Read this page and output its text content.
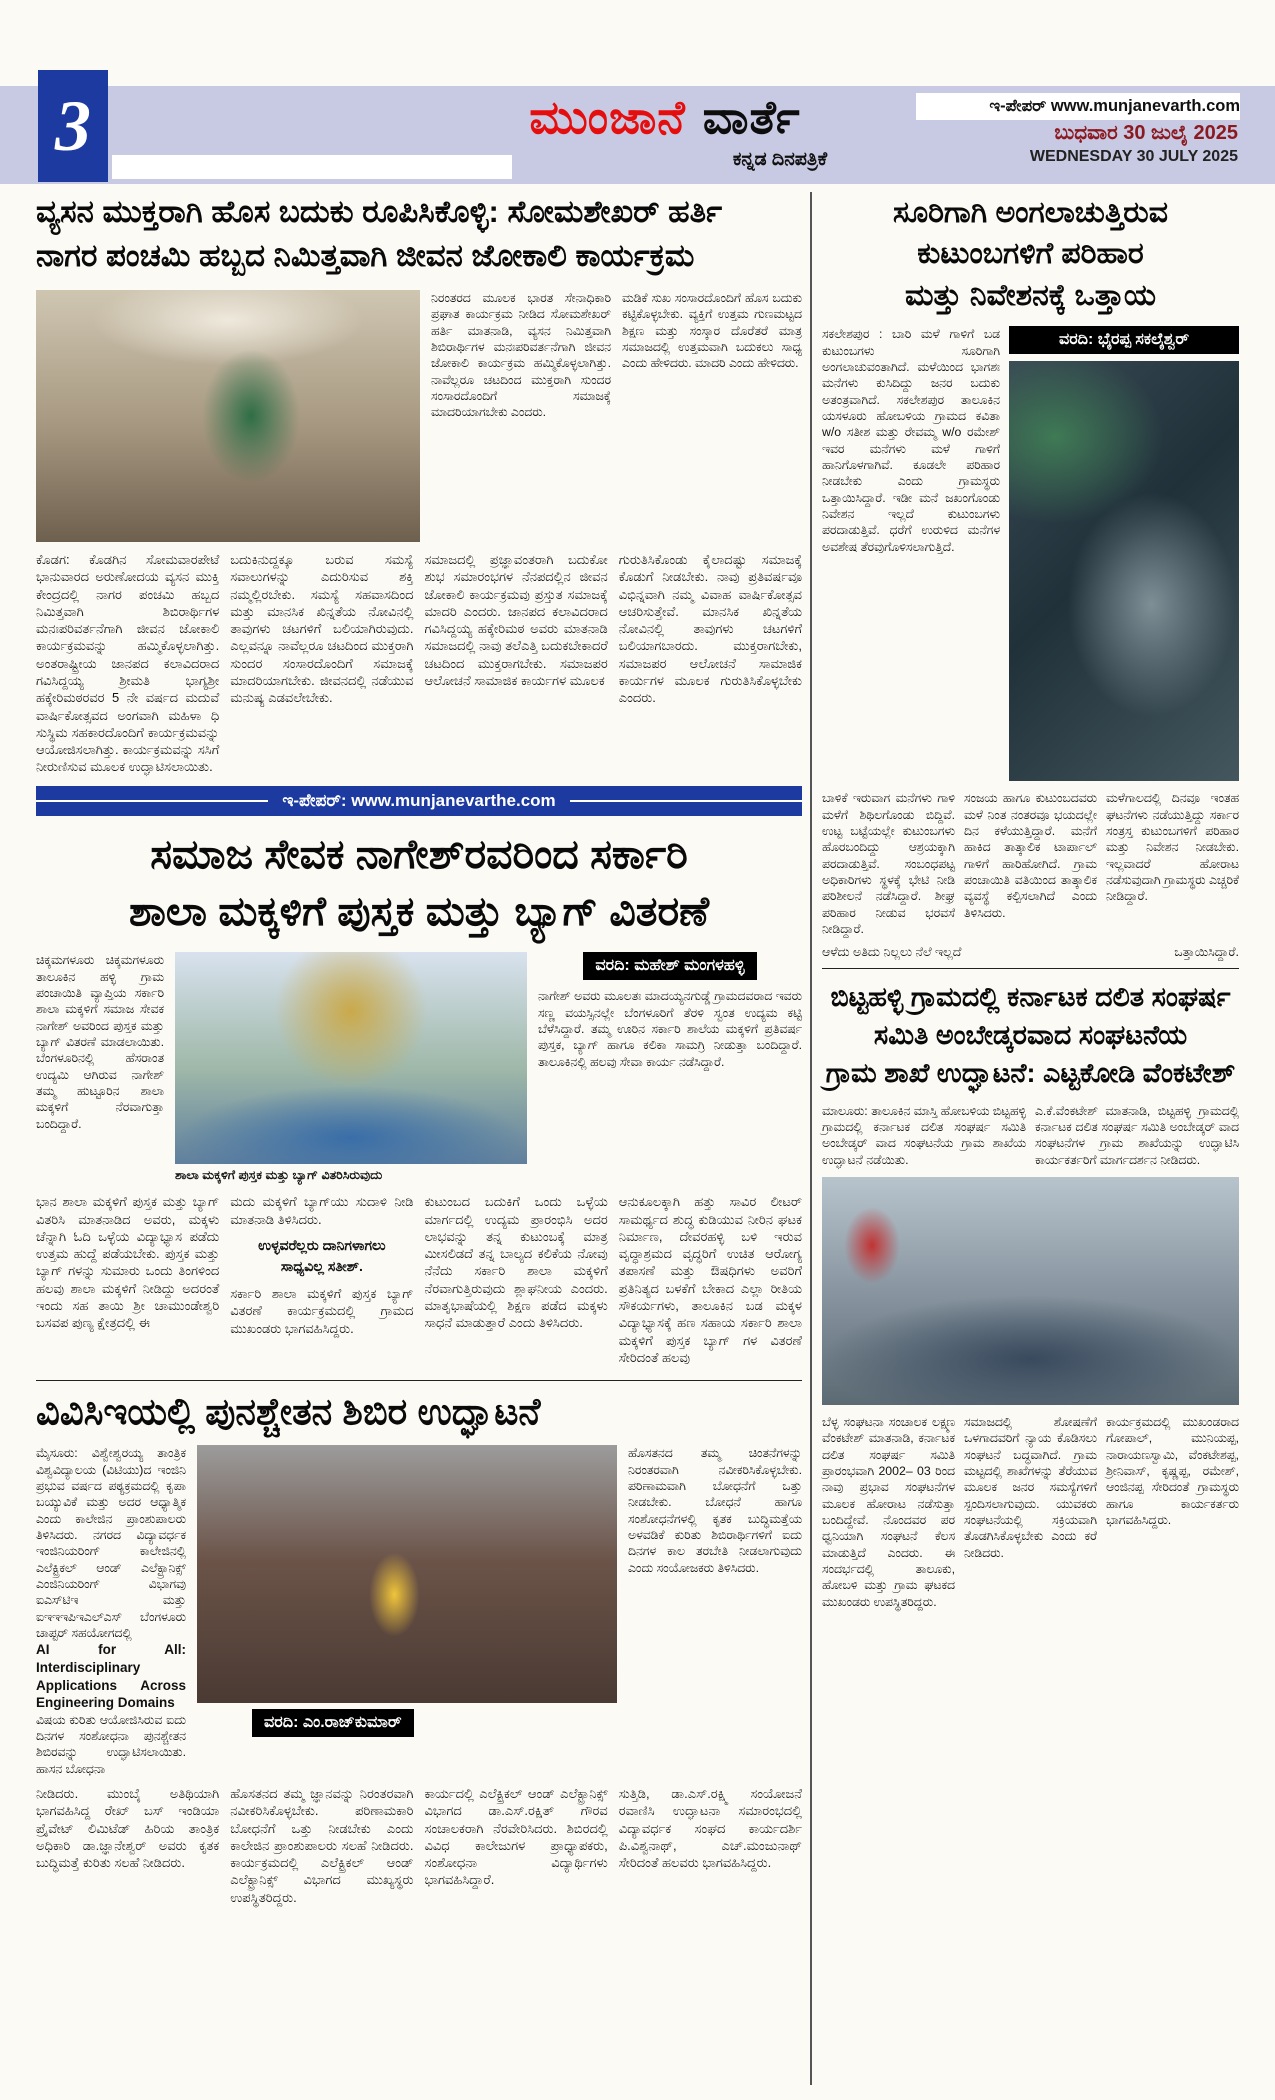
3	ಮುಂಜಾನೆ ವಾರ್ತೆ
ಕನ್ನಡ ದಿನಪತ್ರಿಕೆ
ಇ-ಪೇಪರ್ www.munjanevarth.com
ಬುಧವಾರ 30 ಜುಲೈ 2025
WEDNESDAY 30 JULY 2025
ವ್ಯಸನ ಮುಕ್ತರಾಗಿ ಹೊಸ ಬದುಕು ರೂಪಿಸಿಕೊಳ್ಳಿ: ಸೋಮಶೇಖರ್ ಹರ್ತಿ
ನಾಗರ ಪಂಚಮಿ ಹಬ್ಬದ ನಿಮಿತ್ತವಾಗಿ ಜೀವನ ಜೋಕಾಲಿ ಕಾರ್ಯಕ್ರಮ
ನಿರಂತರದ ಮೂಲಕ ಭಾರತ ಸೇನಾಧಿಕಾರಿ ಪ್ರಘಾತ ಕಾರ್ಯಕ್ರಮ ನೀಡಿದ ಸೋಮಶೇಖರ್ ಹರ್ತಿ ಮಾತನಾಡಿ, ವ್ಯಸನ ನಿಮಿತ್ತವಾಗಿ ಶಿಬಿರಾರ್ಥಿಗಳ ಮನಃಪರಿವರ್ತನೆಗಾಗಿ ಜೀವನ ಜೋಕಾಲಿ ಕಾರ್ಯಕ್ರಮ ಹಮ್ಮಿಕೊಳ್ಳಲಾಗಿತ್ತು. ನಾವೆಲ್ಲರೂ ಚಟದಿಂದ ಮುಕ್ತರಾಗಿ ಸುಂದರ ಸಂಸಾರದೊಂದಿಗೆ ಸಮಾಜಕ್ಕೆ ಮಾದರಿಯಾಗಬೇಕು ಎಂದರು.
ಮಡಿಕೆ ಸುಖ ಸಂಸಾರದೊಂದಿಗೆ ಹೊಸ ಬದುಕು ಕಟ್ಟಿಕೊಳ್ಳಬೇಕು. ವ್ಯಕ್ತಿಗೆ ಉತ್ತಮ ಗುಣಮಟ್ಟದ ಶಿಕ್ಷಣ ಮತ್ತು ಸಂಸ್ಕಾರ ದೊರೆತರೆ ಮಾತ್ರ ಸಮಾಜದಲ್ಲಿ ಉತ್ತಮವಾಗಿ ಬದುಕಲು ಸಾಧ್ಯ ಎಂದು ಹೇಳಿದರು. ಮಾದರಿ ಎಂದು ಹೇಳಿದರು.
ಕೊಡಗ: ಕೊಡಗಿನ ಸೋಮವಾರಪೇಟೆ ಭಾನುವಾರದ ಅರುಣೋದಯ ವ್ಯಸನ ಮುಕ್ತಿ ಕೇಂದ್ರದಲ್ಲಿ ನಾಗರ ಪಂಚಮಿ ಹಬ್ಬದ ನಿಮಿತ್ತವಾಗಿ ಶಿಬಿರಾರ್ಥಿಗಳ ಮನಃಪರಿವರ್ತನೆಗಾಗಿ ಜೀವನ ಜೋಕಾಲಿ ಕಾರ್ಯಕ್ರಮವನ್ನು ಹಮ್ಮಿಕೊಳ್ಳಲಾಗಿತ್ತು. ಅಂತರಾಷ್ಟ್ರೀಯ ಜಾನಪದ ಕಲಾವಿದರಾದ ಗವಿಸಿದ್ದಯ್ಯ ಶ್ರೀಮತಿ ಭಾಗ್ಯಶ್ರೀ ಹಕ್ಕೇರಿಮಠರವರ 5 ನೇ ವರ್ಷದ ಮದುವೆ ವಾರ್ಷಿಕೋತ್ಸವದ ಅಂಗವಾಗಿ ಮಹಿಳಾ ಧಿ ಸುಸ್ಥಿಮ ಸಹಕಾರದೊಂದಿಗೆ ಕಾರ್ಯಕ್ರಮವನ್ನು ಆಯೋಜಿಸಲಾಗಿತ್ತು. ಕಾರ್ಯಕ್ರಮವನ್ನು ಸಸಿಗೆ ನೀರುಣಿಸುವ ಮೂಲಕ ಉದ್ಘಾಟಿಸಲಾಯಿತು.
ಬದುಕಿನುದ್ದಕ್ಕೂ ಬರುವ ಸಮಸ್ಯೆ ಸವಾಲುಗಳನ್ನು ಎದುರಿಸುವ ಶಕ್ತಿ ನಮ್ಮಲ್ಲಿರಬೇಕು. ಸಮಸ್ಯೆ ಸಹವಾಸದಿಂದ ಮತ್ತು ಮಾನಸಿಕ ಖಿನ್ನತೆಯ ನೋವಿನಲ್ಲಿ ತಾವುಗಳು ಚಟಗಳಿಗೆ ಬಲಿಯಾಗಿರುವುದು. ಎಲ್ಲವನ್ನೂ ನಾವೆಲ್ಲರೂ ಚಟದಿಂದ ಮುಕ್ತರಾಗಿ ಸುಂದರ ಸಂಸಾರದೊಂದಿಗೆ ಸಮಾಜಕ್ಕೆ ಮಾದರಿಯಾಗಬೇಕು. ಜೀವನದಲ್ಲಿ ನಡೆಯುವ ಮನುಷ್ಯ ಎಡವಲೇಬೇಕು.
ಸಮಾಜದಲ್ಲಿ ಪ್ರಜ್ಞಾವಂತರಾಗಿ ಬದುಕೋ ಶುಭ ಸಮಾರಂಭಗಳ ನೆನಪದಲ್ಲಿನ ಜೀವನ ಜೋಕಾಲಿ ಕಾರ್ಯಕ್ರಮವು ಪ್ರಸ್ತುತ ಸಮಾಜಕ್ಕೆ ಮಾದರಿ ಎಂದರು. ಜಾನಪದ ಕಲಾವಿದರಾದ ಗವಿಸಿದ್ದಯ್ಯ ಹಕ್ಕೇರಿಮಠ ಅವರು ಮಾತನಾಡಿ ಸಮಾಜದಲ್ಲಿ ನಾವು ತಲೆಎತ್ತಿ ಬದುಕಬೇಕಾದರೆ ಚಟದಿಂದ ಮುಕ್ತರಾಗಬೇಕು. ಸಮಾಜಪರ ಆಲೋಚನೆ ಸಾಮಾಜಿಕ ಕಾರ್ಯಗಳ ಮೂಲಕ
ಗುರುತಿಸಿಕೊಂಡು ಕೈಲಾದಷ್ಟು ಸಮಾಜಕ್ಕೆ ಕೊಡುಗೆ ನೀಡಬೇಕು. ನಾವು ಪ್ರತಿವರ್ಷವೂ ವಿಭಿನ್ನವಾಗಿ ನಮ್ಮ ವಿವಾಹ ವಾರ್ಷಿಕೋತ್ಸವ ಆಚರಿಸುತ್ತೇವೆ. ಮಾನಸಿಕ ಖಿನ್ನತೆಯ ನೋವಿನಲ್ಲಿ ತಾವುಗಳು ಚಟಗಳಿಗೆ ಬಲಿಯಾಗಬಾರದು. ಮುಕ್ತರಾಗಬೇಕು, ಸಮಾಜಪರ ಆಲೋಚನೆ ಸಾಮಾಜಿಕ ಕಾರ್ಯಗಳ ಮೂಲಕ ಗುರುತಿಸಿಕೊಳ್ಳಬೇಕು ಎಂದರು.
ಇ-ಪೇಪರ್: www.munjanevarthe.com
ಸಮಾಜ ಸೇವಕ ನಾಗೇಶ್‌ರವರಿಂದ ಸರ್ಕಾರಿ
ಶಾಲಾ ಮಕ್ಕಳಿಗೆ ಪುಸ್ತಕ ಮತ್ತು ಬ್ಯಾಗ್ ವಿತರಣೆ
ಚಿಕ್ಕಮಗಳೂರು ಚಿಕ್ಕಮಗಳೂರು ತಾಲೂಕಿನ ಹಳ್ಳಿ ಗ್ರಾಮ ಪಂಚಾಯಿತಿ ವ್ಯಾಪ್ತಿಯ ಸರ್ಕಾರಿ ಶಾಲಾ ಮಕ್ಕಳಿಗೆ ಸಮಾಜ ಸೇವಕ ನಾಗೇಶ್ ಅವರಿಂದ ಪುಸ್ತಕ ಮತ್ತು ಬ್ಯಾಗ್ ವಿತರಣೆ ಮಾಡಲಾಯಿತು. ಬೆಂಗಳೂರಿನಲ್ಲಿ ಹೆಸರಾಂತ ಉದ್ಯಮಿ ಆಗಿರುವ ನಾಗೇಶ್ ತಮ್ಮ ಹುಟ್ಟೂರಿನ ಶಾಲಾ ಮಕ್ಕಳಿಗೆ ನೆರವಾಗುತ್ತಾ ಬಂದಿದ್ದಾರೆ.
ಶಾಲಾ ಮಕ್ಕಳಿಗೆ ಪುಸ್ತಕ ಮತ್ತು ಬ್ಯಾಗ್ ವಿತರಿಸಿರುವುದು
ವರದಿ: ಮಹೇಶ್ ಮಂಗಳಹಳ್ಳಿ
ನಾಗೇಶ್ ಅವರು ಮೂಲತಃ ಮಾದಯ್ಯನಗುಡ್ಡೆ ಗ್ರಾಮದವರಾದ ಇವರು ಸಣ್ಣ ವಯಸ್ಸಿನಲ್ಲೇ ಬೆಂಗಳೂರಿಗೆ ತೆರಳಿ ಸ್ವಂತ ಉದ್ಯಮ ಕಟ್ಟಿ ಬೆಳೆಸಿದ್ದಾರೆ. ತಮ್ಮ ಊರಿನ ಸರ್ಕಾರಿ ಶಾಲೆಯ ಮಕ್ಕಳಿಗೆ ಪ್ರತಿವರ್ಷ ಪುಸ್ತಕ, ಬ್ಯಾಗ್ ಹಾಗೂ ಕಲಿಕಾ ಸಾಮಗ್ರಿ ನೀಡುತ್ತಾ ಬಂದಿದ್ದಾರೆ. ತಾಲೂಕಿನಲ್ಲಿ ಹಲವು ಸೇವಾ ಕಾರ್ಯ ನಡೆಸಿದ್ದಾರೆ.
ಭಾನ ಶಾಲಾ ಮಕ್ಕಳಿಗೆ ಪುಸ್ತಕ ಮತ್ತು ಬ್ಯಾಗ್ ವಿತರಿಸಿ ಮಾತನಾಡಿದ ಅವರು, ಮಕ್ಕಳು ಚೆನ್ನಾಗಿ ಓದಿ ಒಳ್ಳೆಯ ವಿದ್ಯಾಭ್ಯಾಸ ಪಡೆದು ಉತ್ತಮ ಹುದ್ದೆ ಪಡೆಯಬೇಕು. ಪುಸ್ತಕ ಮತ್ತು ಬ್ಯಾಗ್ ಗಳನ್ನು ಸುಮಾರು ಒಂದು ತಿಂಗಳಿಂದ ಹಲವು ಶಾಲಾ ಮಕ್ಕಳಿಗೆ ನೀಡಿದ್ದು ಅದರಂತೆ ಇಂದು ಸಹ ತಾಯಿ ಶ್ರೀ ಚಾಮುಂಡೇಶ್ವರಿ ಬಸವಪ ಪುಣ್ಯ ಕ್ಷೇತ್ರದಲ್ಲಿ ಈ
ಮದು ಮಕ್ಕಳಿಗೆ ಬ್ಯಾಗ್‌ಯು ಸುದಾಳಿ ನೀಡಿ ಮಾತನಾಡಿ ತಿಳಿಸಿದರು.
ಉಳ್ಳವರೆಲ್ಲರು ದಾನಿಗಳಾಗಲು
ಸಾಧ್ಯವಿಲ್ಲ ಸತೀಶ್.
ಸರ್ಕಾರಿ ಶಾಲಾ ಮಕ್ಕಳಿಗೆ ಪುಸ್ತಕ ಬ್ಯಾಗ್ ವಿತರಣೆ ಕಾರ್ಯಕ್ರಮದಲ್ಲಿ ಗ್ರಾಮದ ಮುಖಂಡರು ಭಾಗವಹಿಸಿದ್ದರು.
ಕುಟುಂಬದ ಬದುಕಿಗೆ ಒಂದು ಒಳ್ಳೆಯ ಮಾರ್ಗದಲ್ಲಿ ಉದ್ಯಮ ಪ್ರಾರಂಭಿಸಿ ಅದರ ಲಾಭವನ್ನು ತನ್ನ ಕುಟುಂಬಕ್ಕೆ ಮಾತ್ರ ಮೀಸಲಿಡದೆ ತನ್ನ ಬಾಲ್ಯದ ಕಲಿಕೆಯ ನೋವು ನೆನೆದು ಸರ್ಕಾರಿ ಶಾಲಾ ಮಕ್ಕಳಿಗೆ ನೆರವಾಗುತ್ತಿರುವುದು ಶ್ಲಾಘನೀಯ ಎಂದರು. ಮಾತೃಭಾಷೆಯಲ್ಲಿ ಶಿಕ್ಷಣ ಪಡೆದ ಮಕ್ಕಳು ಸಾಧನೆ ಮಾಡುತ್ತಾರೆ ಎಂದು ತಿಳಿಸಿದರು.
ಆನುಕೂಲಕ್ಕಾಗಿ ಹತ್ತು ಸಾವಿರ ಲೀಟರ್ ಸಾಮರ್ಥ್ಯದ ಶುದ್ಧ ಕುಡಿಯುವ ನೀರಿನ ಘಟಕ ನಿರ್ಮಾಣ, ದೇವರಹಳ್ಳಿ ಬಳಿ ಇರುವ ವೃದ್ಧಾಶ್ರಮದ ವೃದ್ಧರಿಗೆ ಉಚಿತ ಆರೋಗ್ಯ ತಪಾಸಣೆ ಮತ್ತು ಔಷಧಿಗಳು ಅವರಿಗೆ ಪ್ರತಿನಿತ್ಯದ ಬಳಕೆಗೆ ಬೇಕಾದ ಎಲ್ಲಾ ರೀತಿಯ ಸೌಕರ್ಯಗಳು, ತಾಲೂಕಿನ ಬಡ ಮಕ್ಕಳ ವಿದ್ಯಾಭ್ಯಾಸಕ್ಕೆ ಹಣ ಸಹಾಯ ಸರ್ಕಾರಿ ಶಾಲಾ ಮಕ್ಕಳಿಗೆ ಪುಸ್ತಕ ಬ್ಯಾಗ್ ಗಳ ವಿತರಣೆ ಸೇರಿದಂತೆ ಹಲವು
ವಿವಿಸಿಇಯಲ್ಲಿ ಪುನಶ್ಚೇತನ ಶಿಬಿರ ಉದ್ಘಾಟನೆ
ಮೈಸೂರು: ವಿಶ್ವೇಶ್ವರಯ್ಯ ತಾಂತ್ರಿಕ ವಿಶ್ವವಿದ್ಯಾಲಯ (ವಿಟಿಯು)ದ ಇಂಜಿನಿ ಪ್ರಭುವ ವರ್ಷದ ಪಠ್ಯಕ್ರಮದಲ್ಲಿ ಕೃಪಾ ಬಯ್ಯುವಿಕೆ ಮತ್ತು ಅದರ ಆಧ್ಯಾತ್ಮಿಕ ಎಂದು ಕಾಲೇಜಿನ ಪ್ರಾಂಶುಪಾಲರು ತಿಳಿಸಿದರು. ನಗರದ ವಿದ್ಯಾವರ್ಧಕ ಇಂಜಿನಿಯರಿಂಗ್ ಕಾಲೇಜಿನಲ್ಲಿ ಎಲೆಕ್ಟ್ರಿಕಲ್ ಆಂಡ್ ಎಲೆಕ್ಟ್ರಾನಿಕ್ಸ್ ಎಂಜಿನಿಯರಿಂಗ್ ವಿಭಾಗವು ಐಎಸ್‌ಟಿಇ ಮತ್ತು ಐಇಇಇಪಿಇಎಲ್‌ಎಸ್ ಬೆಂಗಳೂರು ಚಾಪ್ಟರ್ ಸಹಯೋಗದಲ್ಲಿ
AI for All: Interdisciplinary Applications Across Engineering Domains
ವಿಷಯ ಕುರಿತು ಆಯೋಜಿಸಿರುವ ಐದು ದಿನಗಳ ಸಂಶೋಧನಾ ಪುನಶ್ಚೇತನ ಶಿಬಿರವನ್ನು ಉದ್ಘಾಟಿಸಲಾಯಿತು. ಹಾಸನ ಬೋಧನಾ
ವರದಿ: ಎಂ.ರಾಜ್‌ಕುಮಾರ್
ಹೊಸತನದ ತಮ್ಮ ಚಿಂತನೆಗಳನ್ನು ನಿರಂತರವಾಗಿ ನವೀಕರಿಸಿಕೊಳ್ಳಬೇಕು. ಪರಿಣಾಮವಾಗಿ ಬೋಧನೆಗೆ ಒತ್ತು ನೀಡಬೇಕು. ಬೋಧನೆ ಹಾಗೂ ಸಂಶೋಧನೆಗಳಲ್ಲಿ ಕೃತಕ ಬುದ್ಧಿಮತ್ತೆಯ ಅಳವಡಿಕೆ ಕುರಿತು ಶಿಬಿರಾರ್ಥಿಗಳಿಗೆ ಐದು ದಿನಗಳ ಕಾಲ ತರಬೇತಿ ನೀಡಲಾಗುವುದು ಎಂದು ಸಂಯೋಜಕರು ತಿಳಿಸಿದರು.
ನೀಡಿದರು. ಮುಂಬೈ ಅತಿಥಿಯಾಗಿ ಭಾಗವಹಿಸಿದ್ದ ರೇಖ್ ಬಸ್ ಇಂಡಿಯಾ ಪ್ರೈವೇಟ್ ಲಿಮಿಟೆಡ್ ಹಿರಿಯ ತಾಂತ್ರಿಕ ಅಧಿಕಾರಿ ಡಾ.ಜ್ಞಾನೇಶ್ವರ್ ಅವರು ಕೃತಕ ಬುದ್ಧಿಮತ್ತೆ ಕುರಿತು ಸಲಹೆ ನೀಡಿದರು.
ಹೊಸತನದ ತಮ್ಮ ಜ್ಞಾನವನ್ನು ನಿರಂತರವಾಗಿ ನವೀಕರಿಸಿಕೊಳ್ಳಬೇಕು. ಪರಿಣಾಮಕಾರಿ ಬೋಧನೆಗೆ ಒತ್ತು ನೀಡಬೇಕು ಎಂದು ಕಾಲೇಜಿನ ಪ್ರಾಂಶುಪಾಲರು ಸಲಹೆ ನೀಡಿದರು. ಕಾರ್ಯಕ್ರಮದಲ್ಲಿ ಎಲೆಕ್ಟ್ರಿಕಲ್ ಆಂಡ್ ಎಲೆಕ್ಟ್ರಾನಿಕ್ಸ್ ವಿಭಾಗದ ಮುಖ್ಯಸ್ಥರು ಉಪಸ್ಥಿತರಿದ್ದರು.
ಕಾರ್ಯದಲ್ಲಿ ಎಲೆಕ್ಟ್ರಿಕಲ್ ಆಂಡ್ ಎಲೆಕ್ಟ್ರಾನಿಕ್ಸ್ ವಿಭಾಗದ ಡಾ.ಎಸ್.ರಕ್ಷಿತ್ ಗೌರವ ಸಂಚಾಲಕರಾಗಿ ನೆರವೇರಿಸಿದರು. ಶಿಬಿರದಲ್ಲಿ ವಿವಿಧ ಕಾಲೇಜುಗಳ ಪ್ರಾಧ್ಯಾಪಕರು, ಸಂಶೋಧನಾ ವಿದ್ಯಾರ್ಥಿಗಳು ಭಾಗವಹಿಸಿದ್ದಾರೆ.
ಸುತ್ತಿಡಿ, ಡಾ.ಎಸ್.ರಕ್ಷ್ಮಿ ಸಂಯೋಜನೆ ರವಾಣಿಸಿ ಉದ್ಘಾಟನಾ ಸಮಾರಂಭದಲ್ಲಿ ವಿದ್ಯಾವರ್ಧಕ ಸಂಘದ ಕಾರ್ಯದರ್ಶಿ ಪಿ.ವಿಶ್ವನಾಥ್, ಎಚ್.ಮಂಜುನಾಥ್ ಸೇರಿದಂತೆ ಹಲವರು ಭಾಗವಹಿಸಿದ್ದರು.
ಸೂರಿಗಾಗಿ ಅಂಗಲಾಚುತ್ತಿರುವ
ಕುಟುಂಬಗಳಿಗೆ ಪರಿಹಾರ
ಮತ್ತು ನಿವೇಶನಕ್ಕೆ ಒತ್ತಾಯ
ಸಕಲೇಶಪುರ : ಬಾರಿ ಮಳೆ ಗಾಳಿಗೆ ಬಡ ಕುಟುಂಬಗಳು ಸೂರಿಗಾಗಿ ಅಂಗಲಾಚುವಂತಾಗಿದೆ. ಮಳೆಯಿಂದ ಭಾಗಶಃ ಮನೆಗಳು ಕುಸಿದಿದ್ದು ಜನರ ಬದುಕು ಅತಂತ್ರವಾಗಿದೆ. ಸಕಲೇಶಪುರ ತಾಲೂಕಿನ ಯಸಳೂರು ಹೋಬಳಿಯ ಗ್ರಾಮದ ಕವಿತಾ w/o ಸತೀಶ ಮತ್ತು ರೇವಮ್ಮ w/o ರಮೇಶ್ ಇವರ ಮನೆಗಳು ಮಳೆ ಗಾಳಿಗೆ ಹಾನಿಗೊಳಗಾಗಿವೆ. ಕೂಡಲೇ ಪರಿಹಾರ ನೀಡಬೇಕು ಎಂದು ಗ್ರಾಮಸ್ಥರು ಒತ್ತಾಯಿಸಿದ್ದಾರೆ. ಇಡೀ ಮನೆ ಜಖಂಗೊಂಡು ನಿವೇಶನ ಇಲ್ಲದೆ ಕುಟುಂಬಗಳು ಪರದಾಡುತ್ತಿವೆ. ಧರೆಗೆ ಉರುಳಿದ ಮನೆಗಳ ಅವಶೇಷ ತೆರವುಗೊಳಿಸಲಾಗುತ್ತಿದೆ.
ವರದಿ: ಭೈರಪ್ಪ ಸಕಲೈಶ್ವರ್
ಬಾಳಿಕೆ ಇರುವಾಗ ಮನೆಗಳು ಗಾಳಿ ಮಳೆಗೆ ಶಿಥಿಲಗೊಂಡು ಬಿದ್ದಿವೆ. ಉಟ್ಟ ಬಟ್ಟೆಯಲ್ಲೇ ಕುಟುಂಬಗಳು ಹೊರಬಂದಿದ್ದು ಆಶ್ರಯಕ್ಕಾಗಿ ಪರದಾಡುತ್ತಿವೆ. ಸಂಬಂಧಪಟ್ಟ ಅಧಿಕಾರಿಗಳು ಸ್ಥಳಕ್ಕೆ ಭೇಟಿ ನೀಡಿ ಪರಿಶೀಲನೆ ನಡೆಸಿದ್ದಾರೆ. ಶೀಘ್ರ ಪರಿಹಾರ ನೀಡುವ ಭರವಸೆ ನೀಡಿದ್ದಾರೆ.
ಸಂಜಯ ಹಾಗೂ ಕುಟುಂಬದವರು ಮಳೆ ನಿಂತ ನಂತರವೂ ಭಯದಲ್ಲೇ ದಿನ ಕಳೆಯುತ್ತಿದ್ದಾರೆ. ಮನೆಗೆ ಹಾಕಿದ ತಾತ್ಕಾಲಿಕ ಟಾರ್ಪಾಲ್ ಗಾಳಿಗೆ ಹಾರಿಹೋಗಿದೆ. ಗ್ರಾಮ ಪಂಚಾಯಿತಿ ವತಿಯಿಂದ ತಾತ್ಕಾಲಿಕ ವ್ಯವಸ್ಥೆ ಕಲ್ಪಿಸಲಾಗಿದೆ ಎಂದು ತಿಳಿಸಿದರು.
ಮಳೆಗಾಲದಲ್ಲಿ ದಿನವೂ ಇಂತಹ ಘಟನೆಗಳು ನಡೆಯುತ್ತಿದ್ದು ಸರ್ಕಾರ ಸಂತ್ರಸ್ತ ಕುಟುಂಬಗಳಿಗೆ ಪರಿಹಾರ ಮತ್ತು ನಿವೇಶನ ನೀಡಬೇಕು. ಇಲ್ಲವಾದರೆ ಹೋರಾಟ ನಡೆಸುವುದಾಗಿ ಗ್ರಾಮಸ್ಥರು ಎಚ್ಚರಿಕೆ ನೀಡಿದ್ದಾರೆ.
ಆಳೆದು ಅತಿದು ನಿಲ್ಲಲು ನೆಲೆ ಇಲ್ಲದೆ	ಒತ್ತಾಯಿಸಿದ್ದಾರೆ.
ಬಿಟ್ಟಹಳ್ಳಿ ಗ್ರಾಮದಲ್ಲಿ ಕರ್ನಾಟಕ ದಲಿತ ಸಂಘರ್ಷ
ಸಮಿತಿ ಅಂಬೇಡ್ಕರವಾದ ಸಂಘಟನೆಯ
ಗ್ರಾಮ ಶಾಖೆ ಉದ್ಘಾಟನೆ: ಎಟ್ಟಕೋಡಿ ವೆಂಕಟೇಶ್
ಮಾಲೂರು: ತಾಲೂಕಿನ ಮಾಸ್ತಿ ಹೋಬಳಿಯ ಬಿಟ್ಟಹಳ್ಳಿ ಗ್ರಾಮದಲ್ಲಿ ಕರ್ನಾಟಕ ದಲಿತ ಸಂಘರ್ಷ ಸಮಿತಿ ಅಂಬೇಡ್ಕರ್ ವಾದ ಸಂಘಟನೆಯ ಗ್ರಾಮ ಶಾಖೆಯ ಉದ್ಘಾಟನೆ ನಡೆಯಿತು.
ಎ.ಕೆ.ವೆಂಕಟೇಶ್ ಮಾತನಾಡಿ, ಬಿಟ್ಟಹಳ್ಳಿ ಗ್ರಾಮದಲ್ಲಿ ಕರ್ನಾಟಕ ದಲಿತ ಸಂಘರ್ಷ ಸಮಿತಿ ಅಂಬೇಡ್ಕರ್ ವಾದ ಸಂಘಟನೆಗಳ ಗ್ರಾಮ ಶಾಖೆಯನ್ನು ಉದ್ಘಾಟಿಸಿ ಕಾರ್ಯಕರ್ತರಿಗೆ ಮಾರ್ಗದರ್ಶನ ನೀಡಿದರು.
ಬೆಳ್ಳ ಸಂಘಟನಾ ಸಂಚಾಲಕ ಲಕ್ಷ್ಮಣ ವೆಂಕಟೇಶ್ ಮಾತನಾಡಿ, ಕರ್ನಾಟಕ ದಲಿತ ಸಂಘರ್ಷ ಸಮಿತಿ ಪ್ರಾರಂಭವಾಗಿ 2002– 03 ರಿಂದ ನಾವು ಪ್ರಭಾವ ಸಂಘಟನೆಗಳ ಮೂಲಕ ಹೋರಾಟ ನಡೆಸುತ್ತಾ ಬಂದಿದ್ದೇವೆ. ನೊಂದವರ ಪರ ಧ್ವನಿಯಾಗಿ ಸಂಘಟನೆ ಕೆಲಸ ಮಾಡುತ್ತಿದೆ ಎಂದರು. ಈ ಸಂದರ್ಭದಲ್ಲಿ ತಾಲೂಕು, ಹೋಬಳಿ ಮತ್ತು ಗ್ರಾಮ ಘಟಕದ ಮುಖಂಡರು ಉಪಸ್ಥಿತರಿದ್ದರು.
ಸಮಾಜದಲ್ಲಿ ಶೋಷಣೆಗೆ ಒಳಗಾದವರಿಗೆ ನ್ಯಾಯ ಕೊಡಿಸಲು ಸಂಘಟನೆ ಬದ್ಧವಾಗಿದೆ. ಗ್ರಾಮ ಮಟ್ಟದಲ್ಲಿ ಶಾಖೆಗಳನ್ನು ತೆರೆಯುವ ಮೂಲಕ ಜನರ ಸಮಸ್ಯೆಗಳಿಗೆ ಸ್ಪಂದಿಸಲಾಗುವುದು. ಯುವಕರು ಸಂಘಟನೆಯಲ್ಲಿ ಸಕ್ರಿಯವಾಗಿ ತೊಡಗಿಸಿಕೊಳ್ಳಬೇಕು ಎಂದು ಕರೆ ನೀಡಿದರು.
ಕಾರ್ಯಕ್ರಮದಲ್ಲಿ ಮುಖಂಡರಾದ ಗೋಪಾಲ್, ಮುನಿಯಪ್ಪ, ನಾರಾಯಣಸ್ವಾಮಿ, ವೆಂಕಟೇಶಪ್ಪ, ಶ್ರೀನಿವಾಸ್, ಕೃಷ್ಣಪ್ಪ, ರಮೇಶ್, ಆಂಜಿನಪ್ಪ ಸೇರಿದಂತೆ ಗ್ರಾಮಸ್ಥರು ಹಾಗೂ ಕಾರ್ಯಕರ್ತರು ಭಾಗವಹಿಸಿದ್ದರು.
